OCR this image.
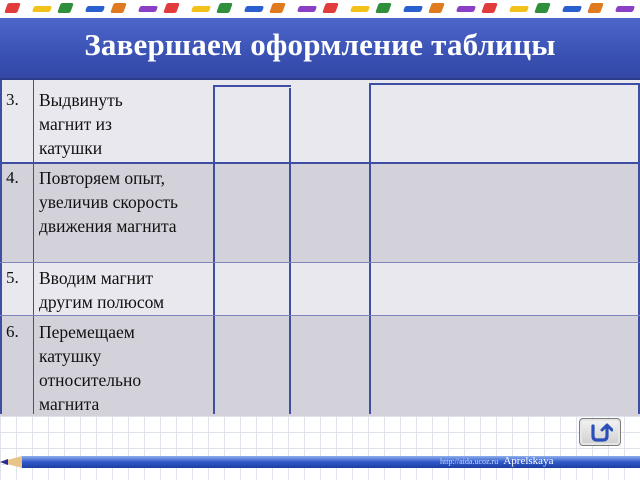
Завершаем оформление таблицы
3. Выдвинуть магнит из катушки
4. Повторяем опыт, увеличив скорость движения магнита
5. Вводим магнит другим полюсом
6. Перемещаем катушку относительно магнита
http://aida.ucoz.ru Aprelskaya
